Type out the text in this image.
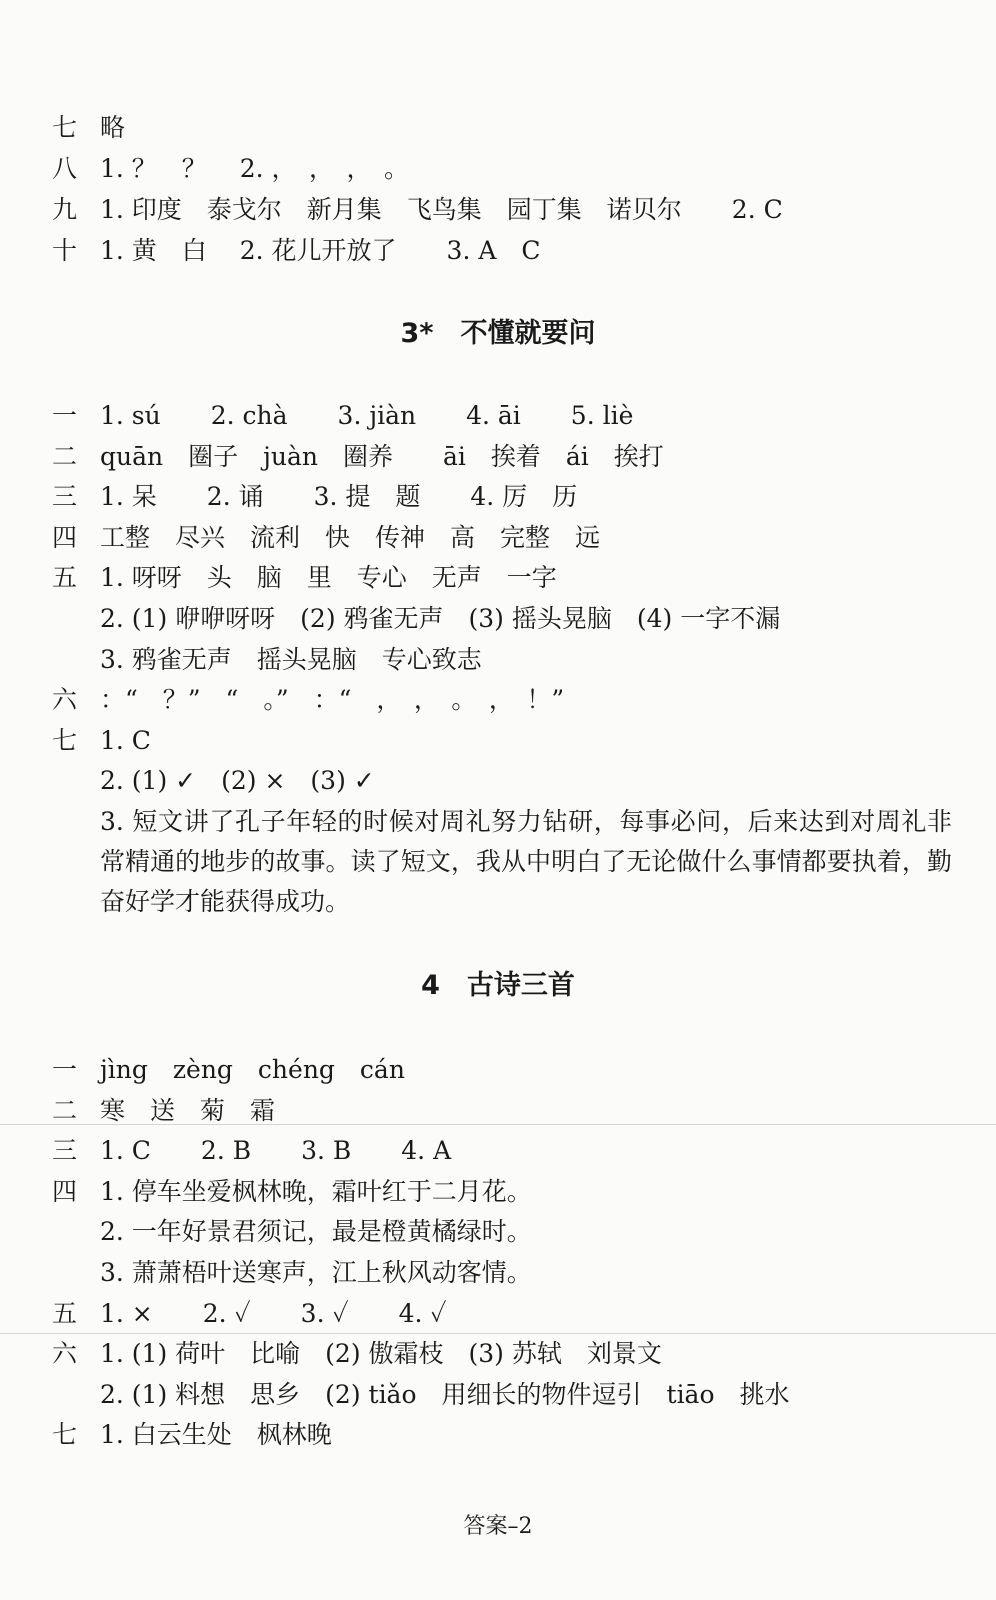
七 略
八 1. ？　？　 2. ，　，　，　。
九 1. 印度　泰戈尔　新月集　飞鸟集　园丁集　诺贝尔　　2. C
十 1. 黄　白　 2. 花儿开放了　　3. A　C
3*　不懂就要问
一 1. sú　　2. chà　　3. jiàn　　4. āi　　5. liè
二 quān　圈子　juàn　圈养　　āi　挨着　ái　挨打
三 1. 呆　　2. 诵　　3. 提　题　　4. 厉　历
四 工整　尽兴　流利　快　传神　高　完整　远
五 1. 呀呀　头　脑　里　专心　无声　一字
2. (1) 咿咿呀呀　(2) 鸦雀无声　(3) 摇头晃脑　(4) 一字不漏
3. 鸦雀无声　摇头晃脑　专心致志
六 ：“　？”　“　。”　：“　，　，　。　，　！”
七 1. C
2. (1) ✓　(2) ×　(3) ✓
3. 短文讲了孔子年轻的时候对周礼努力钻研，每事必问，后来达到对周礼非常精通的地步的故事。读了短文，我从中明白了无论做什么事情都要执着，勤奋好学才能获得成功。
4　古诗三首
一 jìng　zèng　chéng　cán
二 寒　送　菊　霜
三 1. C　　2. B　　3. B　　4. A
四 1. 停车坐爱枫林晚，霜叶红于二月花。
2. 一年好景君须记，最是橙黄橘绿时。
3. 萧萧梧叶送寒声，江上秋风动客情。
五 1. ×　　2. ✓　　3. ✓　　4. ✓
六 1. (1) 荷叶　比喻　(2) 傲霜枝　(3) 苏轼　刘景文
2. (1) 料想　思乡　(2) tiǎo　用细长的物件逗引　tiāo　挑水
七 1. 白云生处　枫林晚
答案–2
